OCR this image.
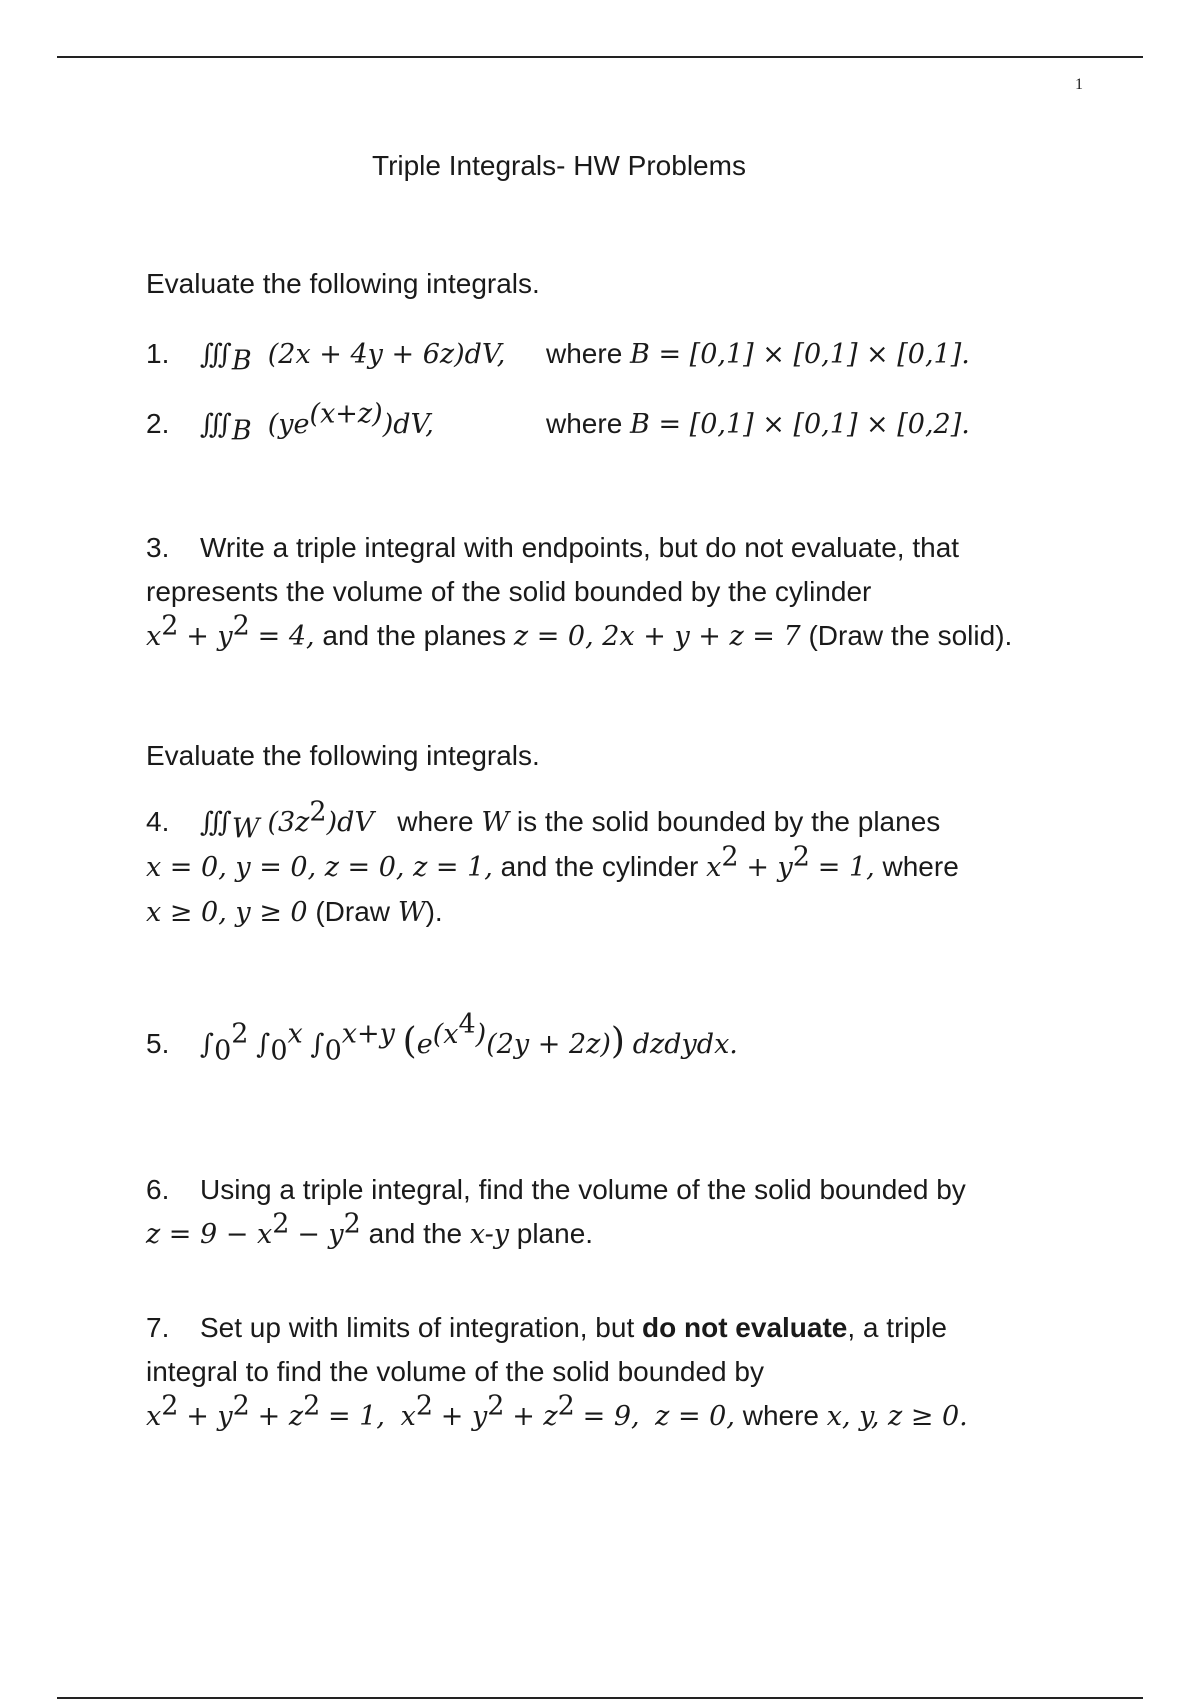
1
Triple Integrals- HW Problems
Evaluate the following integrals.
1. $∭_B$ (2x + 4y + 6z)dV, where B = [0,1] × [0,1] × [0,1].
2. $∭_B$ $(ye^{(x+z)})dV$,	where B = [0,1] × [0,1] × [0,2].
3. Write a triple integral with endpoints, but do not evaluate, that
represents the volume of the solid bounded by the cylinder
$x^2 + y^2 = 4$, and the planes z = 0, 2x + y + z = 7 (Draw the solid).
Evaluate the following integrals.
4. $∭_W$ $(3z^2)dV$ where W is the solid bounded by the planes
x = 0, y = 0, z = 0, z = 1, and the cylinder $x^2 + y^2 = 1$, where
x ≥ 0, y ≥ 0 (Draw W).
5. $\int_0^2$ $\int_0^x$ $\int_0^{x+y}$ $(e^{(x^4)}(2y + 2z))$ dzdydx.
6. Using a triple integral, find the volume of the solid bounded by
$z = 9 - x^2 - y^2$ and the x-y plane.
7. Set up with limits of integration, but do not evaluate, a triple
integral to find the volume of the solid bounded by
$x^2 + y^2 + z^2 = 1$, $x^2 + y^2 + z^2 = 9$, z = 0, where x, y, z ≥ 0.
